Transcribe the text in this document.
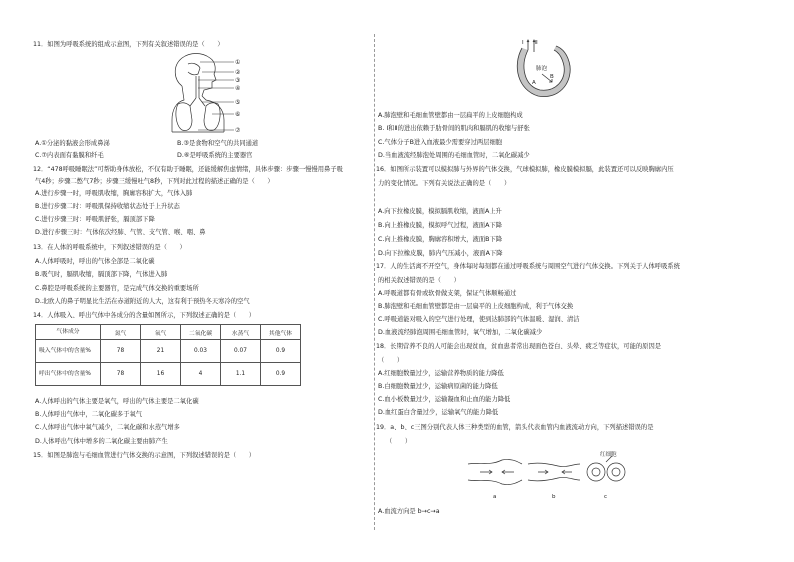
11．如图为呼吸系统的组成示意图，下列有关叙述错误的是（　　）
①
②
③
④
⑤
⑥
⑦
A.①分泌的黏液会形成鼻涕	B.③是食物和空气的共同通道
C.⑦内表面有黏膜和纤毛	D.⑥是呼吸系统的主要器官
12．“478呼吸睡眠法”可帮助身体放松，不仅有助于睡眠，还能缓解焦虑情绪，具体步骤：步骤一慢慢用鼻子吸
气4秒；步骤二憋气7秒；步骤三缓慢吐气8秒，下列对此过程的描述正确的是（　　）
A.进行步骤一时，呼吸肌收缩，胸廓容积扩大，气体入肺
B.进行步骤二时：呼吸肌保持收缩状态处于上升状态
C.进行步骤三时：呼吸肌舒张，膈顶部下降
D.进行步骤三时：气体依次经肺、气管、支气管、喉、咽、鼻
13．在人体的呼吸系统中，下列叙述错误的是（　　）
A.人体呼吸时，呼出的气体全部是二氧化碳
B.吸气时，膈肌收缩，膈顶部下降，气体进入肺
C.鼻腔是呼吸系统的主要器官，是完成气体交换的重要场所
D.北欧人的鼻子明显比生活在赤道附近的人大，这有利于预热冬天寒冷的空气
14．人体吸入、呼出气体中各成分的含量如图所示，下列叙述正确的是（　　）
气体成分	氮气	氧气	二氧化碳	水蒸气	其他气体
吸入气体中的含量%	78	21	0.03	0.07	0.9
呼出气体中的含量%	78	16	4	1.1	0.9
A.人体呼出的气体主要是氧气，呼出的气体主要是二氧化碳
B.人体呼出气体中，二氧化碳多于氧气
C.人体呼出气体中氧气减少，二氧化碳和水蒸气增多
D.人体呼出气体中增多的二氧化碳主要由肺产生
15．如图是肺泡与毛细血管进行气体交换的示意图，下列叙述错误的是（　　）
Ⅰ Ⅱ
肺泡
A
B
A.肺泡壁和毛细血管壁都由一层扁平的上皮细胞构成
B. Ⅰ和Ⅱ的进出依赖于肋骨间的肌肉和膈肌的收缩与舒张
C.气体分子B进入血液最少需要穿过两层细胞
D.当血液流经肺泡处周围的毛细血管时，二氧化碳减少
16．如图所示装置可以模拟肺与外界的气体交换，气球模拟肺，橡皮膜模拟膈，此装置还可以反映胸廓内压
力的变化情况。下列有关说法正确的是（　　）
A.向下拉橡皮膜，模拟膈肌收缩，液面A上升
B.向上推橡皮膜，模拟呼气过程，液面A下降
C.向上推橡皮膜，胸廓容积增大，液面B下降
D.向下拉橡皮膜，肺内气压减小，液面A下降
17．人的生活离不开空气，身体每时每刻都在通过呼吸系统与周围空气进行气体交换。下列关于人体呼吸系统
的相关叙述错误的是（　　）
A.呼吸道都有骨或软骨做支架，保证气体顺畅通过
B.肺泡壁和毛细血管壁都是由一层扁平的上皮细胞构成，利于气体交换
C.呼吸道能对吸入的空气进行处理，使到达肺部的气体温暖、湿润、清洁
D.血液流经肺泡周围毛细血管时，氧气增加，二氧化碳减少
18．长期营养不良的人可能会出现贫血，贫血患者常出现面色苍白、头晕、疲乏等症状，可能的原因是
（　　）
A.红细胞数量过少，运输营养物质的能力降低
B.白细胞数量过少，运输病原菌的能力降低
C.血小板数量过少，运输凝血和止血的能力降低
D.血红蛋白含量过少，运输氧气的能力降低
19．a、b、c三图分别代表人体三种类型的血管，箭头代表血管内血液流动方向，下列描述错误的是
（　　）
红细胞
a	b	c
A.血流方向是 b→c→a
